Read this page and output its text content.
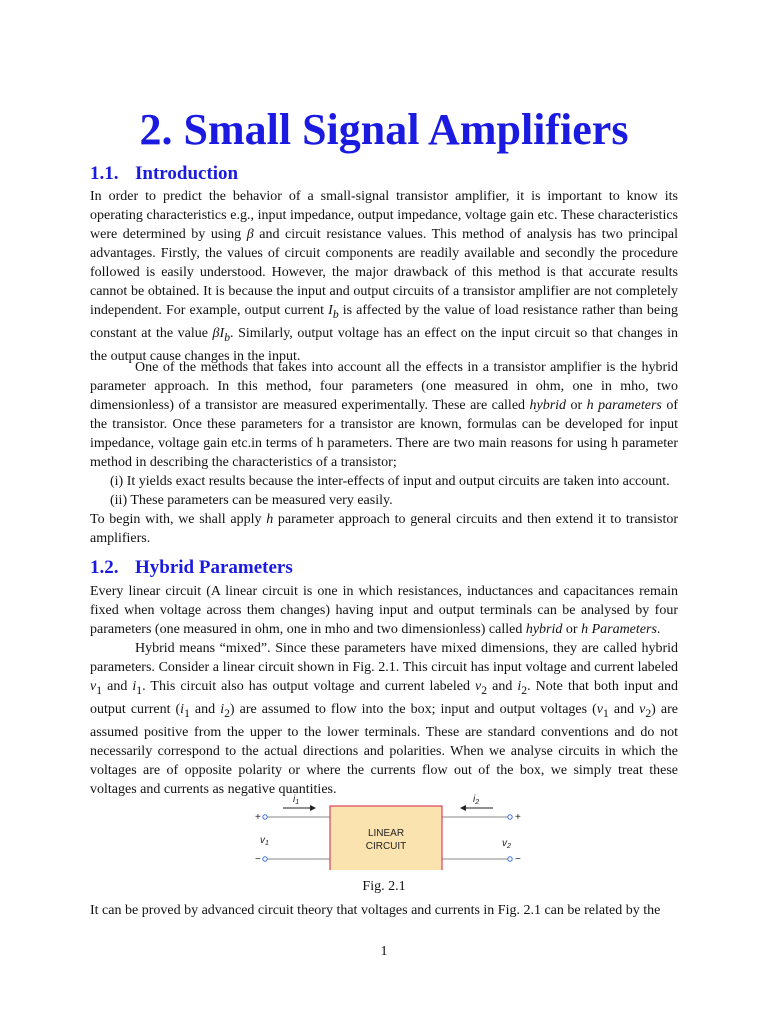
2. Small Signal Amplifiers
1.1. Introduction

In order to predict the behavior of a small-signal transistor amplifier, it is important to know its operating characteristics e.g., input impedance, output impedance, voltage gain etc. These characteristics were determined by using β and circuit resistance values. This method of analysis has two principal advantages. Firstly, the values of circuit components are readily available and secondly the procedure followed is easily understood. However, the major drawback of this method is that accurate results cannot be obtained. It is because the input and output circuits of a transistor amplifier are not completely independent. For example, output current $I_b$ is affected by the value of load resistance rather than being constant at the value $\beta I_b$. Similarly, output voltage has an effect on the input circuit so that changes in the output cause changes in the input.

One of the methods that takes into account all the effects in a transistor amplifier is the hybrid parameter approach. In this method, four parameters (one measured in ohm, one in mho, two dimensionless) of a transistor are measured experimentally. These are called hybrid or h parameters of the transistor. Once these parameters for a transistor are known, formulas can be developed for input impedance, voltage gain etc.in terms of h parameters. There are two main reasons for using h parameter method in describing the characteristics of a transistor;

(i) It yields exact results because the inter-effects of input and output circuits are taken into account.

(ii) These parameters can be measured very easily.

To begin with, we shall apply h parameter approach to general circuits and then extend it to transistor amplifiers.

1.2. Hybrid Parameters

Every linear circuit (A linear circuit is one in which resistances, inductances and capacitances remain fixed when voltage across them changes) having input and output terminals can be analysed by four parameters (one measured in ohm, one in mho and two dimensionless) called hybrid or h Parameters.

Hybrid means “mixed”. Since these parameters have mixed dimensions, they are called hybrid parameters. Consider a linear circuit shown in Fig. 2.1. This circuit has input voltage and current labeled $v_1$ and $i_1$. This circuit also has output voltage and current labeled $v_2$ and $i_2$. Note that both input and output current ($i_1$ and $i_2$) are assumed to flow into the box; input and output voltages ($v_1$ and $v_2$) are assumed positive from the upper to the lower terminals. These are standard conventions and do not necessarily correspond to the actual directions and polarities. When we analyse circuits in which the voltages are of opposite polarity or where the currents flow out of the box, we simply treat these voltages and currents as negative quantities.

LINEAR
CIRCUIT
$i_1$	$i_2$
+
−
+
−
$v_1$	$v_2$

Fig. 2.1

It can be proved by advanced circuit theory that voltages and currents in Fig. 2.1 can be related by the

1
